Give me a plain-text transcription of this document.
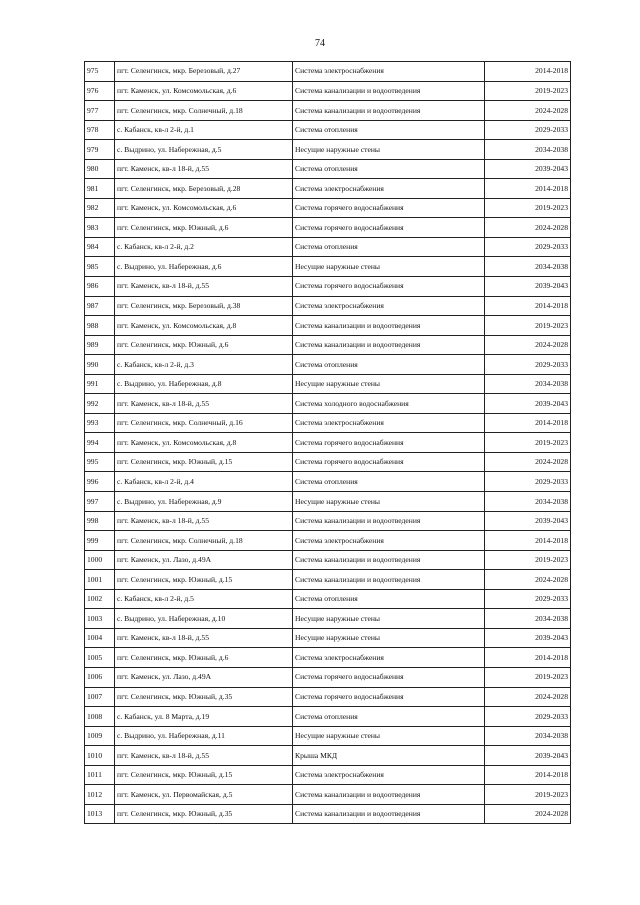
74
975	пгт. Селенгинск, мкр. Березовый, д.27	Система электроснабжения	2014-2018
976	пгт. Каменск, ул. Комсомольская, д.6	Система канализации и водоотведения	2019-2023
977	пгт. Селенгинск, мкр. Солнечный, д.18	Система канализации и водоотведения	2024-2028
978	с. Кабанск, кв-л 2-й, д.1	Система отопления	2029-2033
979	с. Выдрино, ул. Набережная, д.5	Несущие наружные стены	2034-2038
980	пгт. Каменск, кв-л 18-й, д.55	Система отопления	2039-2043
981	пгт. Селенгинск, мкр. Березовый, д.28	Система электроснабжения	2014-2018
982	пгт. Каменск, ул. Комсомольская, д.6	Система горячего водоснабжения	2019-2023
983	пгт. Селенгинск, мкр. Южный, д.6	Система горячего водоснабжения	2024-2028
984	с. Кабанск, кв-л 2-й, д.2	Система отопления	2029-2033
985	с. Выдрино, ул. Набережная, д.6	Несущие наружные стены	2034-2038
986	пгт. Каменск, кв-л 18-й, д.55	Система горячего водоснабжения	2039-2043
987	пгт. Селенгинск, мкр. Березовый, д.38	Система электроснабжения	2014-2018
988	пгт. Каменск, ул. Комсомольская, д.8	Система канализации и водоотведения	2019-2023
989	пгт. Селенгинск, мкр. Южный, д.6	Система канализации и водоотведения	2024-2028
990	с. Кабанск, кв-л 2-й, д.3	Система отопления	2029-2033
991	с. Выдрино, ул. Набережная, д.8	Несущие наружные стены	2034-2038
992	пгт. Каменск, кв-л 18-й, д.55	Система холодного водоснабжения	2039-2043
993	пгт. Селенгинск, мкр. Солнечный, д.16	Система электроснабжения	2014-2018
994	пгт. Каменск, ул. Комсомольская, д.8	Система горячего водоснабжения	2019-2023
995	пгт. Селенгинск, мкр. Южный, д.15	Система горячего водоснабжения	2024-2028
996	с. Кабанск, кв-л 2-й, д.4	Система отопления	2029-2033
997	с. Выдрино, ул. Набережная, д.9	Несущие наружные стены	2034-2038
998	пгт. Каменск, кв-л 18-й, д.55	Система канализации и водоотведения	2039-2043
999	пгт. Селенгинск, мкр. Солнечный, д.18	Система электроснабжения	2014-2018
1000	пгт. Каменск, ул. Лазо, д.49А	Система канализации и водоотведения	2019-2023
1001	пгт. Селенгинск, мкр. Южный, д.15	Система канализации и водоотведения	2024-2028
1002	с. Кабанск, кв-л 2-й, д.5	Система отопления	2029-2033
1003	с. Выдрино, ул. Набережная, д.10	Несущие наружные стены	2034-2038
1004	пгт. Каменск, кв-л 18-й, д.55	Несущие наружные стены	2039-2043
1005	пгт. Селенгинск, мкр. Южный, д.6	Система электроснабжения	2014-2018
1006	пгт. Каменск, ул. Лазо, д.49А	Система горячего водоснабжения	2019-2023
1007	пгт. Селенгинск, мкр. Южный, д.35	Система горячего водоснабжения	2024-2028
1008	с. Кабанск, ул. 8 Марта, д.19	Система отопления	2029-2033
1009	с. Выдрино, ул. Набережная, д.11	Несущие наружные стены	2034-2038
1010	пгт. Каменск, кв-л 18-й, д.55	Крыша МКД	2039-2043
1011	пгт. Селенгинск, мкр. Южный, д.15	Система электроснабжения	2014-2018
1012	пгт. Каменск, ул. Первомайская, д.5	Система канализации и водоотведения	2019-2023
1013	пгт. Селенгинск, мкр. Южный, д.35	Система канализации и водоотведения	2024-2028
